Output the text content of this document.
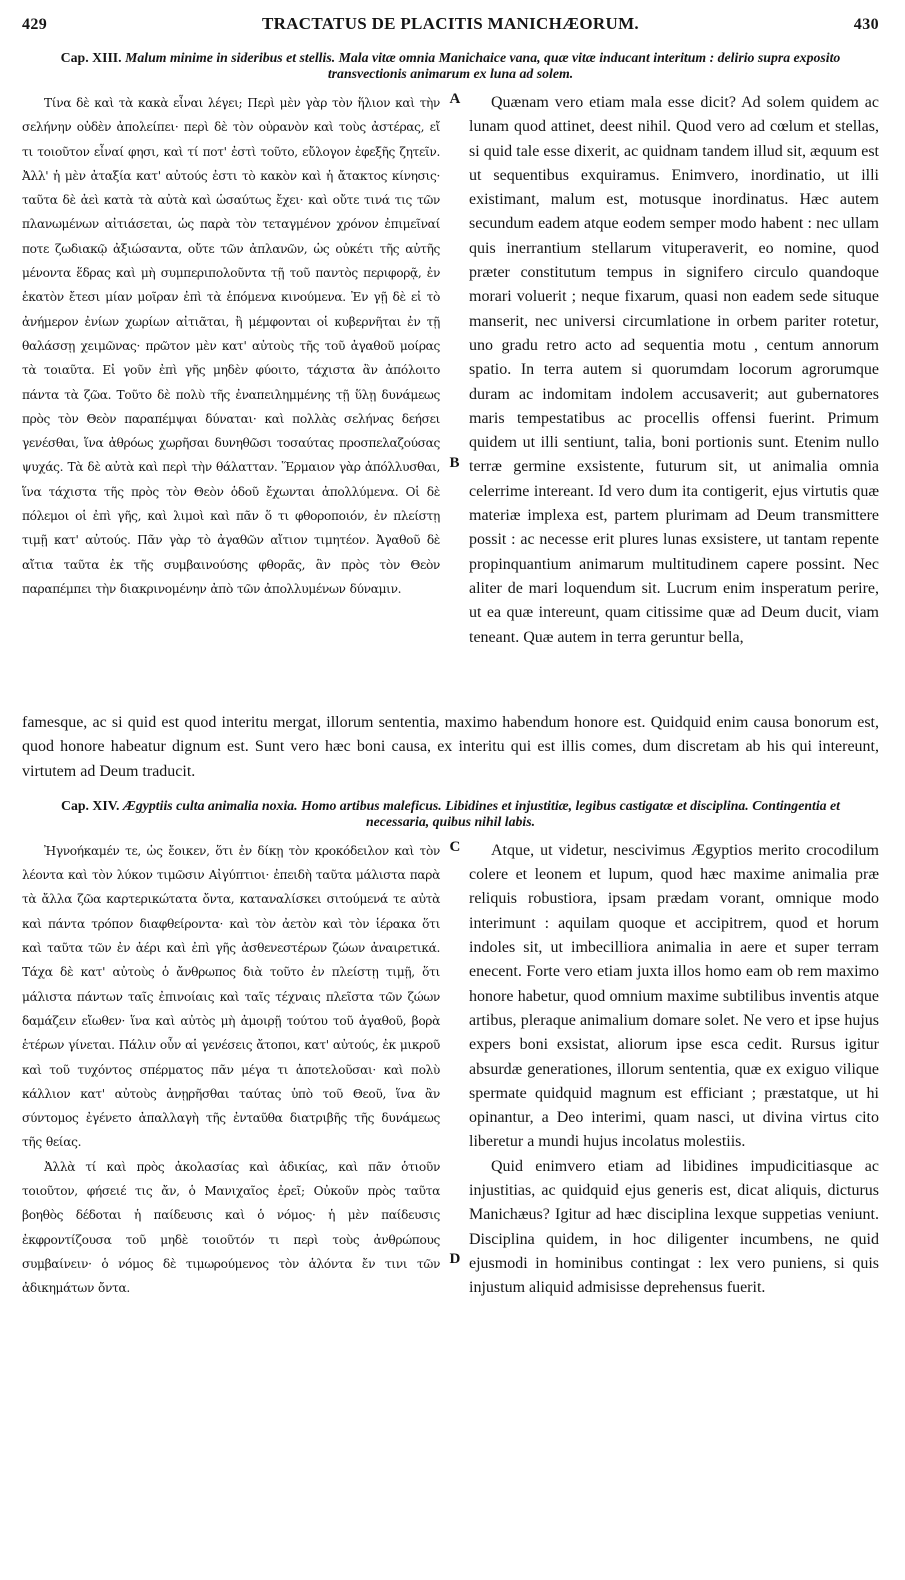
429	TRACTATUS DE PLACITIS MANICHÆORUM.	430
Cap. XIII. Malum minime in sideribus et stellis. Mala vitæ omnia Manichaice vana, quæ vitæ inducant interitum : delirio supra exposito transvectionis animarum ex luna ad solem.

Τίνα δὲ καὶ τὰ κακὰ εἶναι λέγει; Περὶ μὲν γὰρ τὸν ἥλιον καὶ τὴν σελήνην οὐδὲν ἀπολείπει· περὶ δὲ τὸν οὐρανὸν καὶ τοὺς ἀστέρας, εἴ τι τοιοῦτον εἶναί φησι, καὶ τί ποτ' ἐστὶ τοῦτο, εὔλογον ἐφεξῆς ζητεῖν. Ἀλλ' ἡ μὲν ἀταξία κατ' αὐτούς ἐστι τὸ κακὸν καὶ ἡ ἄτακτος κίνησις· ταῦτα δὲ ἀεὶ κατὰ τὰ αὐτὰ καὶ ὡσαύτως ἔχει· καὶ οὔτε τινά τις τῶν πλανωμένων αἰτιάσεται, ὡς παρὰ τὸν τεταγμένον χρόνον ἐπιμεῖναί ποτε ζωδιακῷ ἀξιώσαντα, οὔτε τῶν ἀπλανῶν, ὡς οὐκέτι τῆς αὐτῆς μένοντα ἕδρας καὶ μὴ συμπεριπολοῦντα τῇ τοῦ παντὸς περιφορᾷ, ἐν ἑκατὸν ἔτεσι μίαν μοῖραν ἐπὶ τὰ ἑπόμενα κινούμενα. Ἐν γῇ δὲ εἰ τὸ ἀνήμερον ἐνίων χωρίων αἰτιᾶται, ἢ μέμφονται οἱ κυβερνῆται ἐν τῇ θαλάσσῃ χειμῶνας· πρῶτον μὲν κατ' αὐτοὺς τῆς τοῦ ἀγαθοῦ μοίρας τὰ τοιαῦτα. Εἰ γοῦν ἐπὶ γῆς μηδὲν φύοιτο, τάχιστα ἂν ἀπόλοιτο πάντα τὰ ζῶα. Τοῦτο δὲ πολὺ τῆς ἐναπειλημμένης τῇ ὕλῃ δυνάμεως πρὸς τὸν Θεὸν παραπέμψαι δύναται· καὶ πολλὰς σελήνας δεήσει γενέσθαι, ἵνα ἀθρόως χωρῆσαι δυνηθῶσι τοσαύτας προσπελαζούσας ψυχάς. Τὰ δὲ αὐτὰ καὶ περὶ τὴν θάλατταν. Ἕρμαιον γὰρ ἀπόλλυσθαι, ἵνα τάχιστα τῆς πρὸς τὸν Θεὸν ὁδοῦ ἔχωνται ἀπολλύμενα. Οἱ δὲ πόλεμοι οἱ ἐπὶ γῆς, καὶ λιμοὶ καὶ πᾶν ὅ τι φθοροποιόν, ἐν πλείστῃ τιμῇ κατ' αὐτούς. Πᾶν γὰρ τὸ ἀγαθῶν αἴτιον τιμητέον. Ἀγαθοῦ δὲ αἴτια ταῦτα ἐκ τῆς συμβαινούσης φθορᾶς, ἃν πρὸς τὸν Θεὸν παραπέμπει τὴν διακρινομένην ἀπὸ τῶν ἀπολλυμένων δύναμιν.

A
B

Quænam vero etiam mala esse dicit? Ad solem quidem ac lunam quod attinet, deest nihil. Quod vero ad cœlum et stellas, si quid tale esse dixerit, ac quidnam tandem illud sit, æquum est ut sequentibus exquiramus. Enimvero, inordinatio, ut illi existimant, malum est, motusque inordinatus. Hæc autem secundum eadem atque eodem semper modo habent : nec ullam quis inerrantium stellarum vituperaverit, eo nomine, quod præter constitutum tempus in signifero circulo quandoque morari voluerit ; neque fixarum, quasi non eadem sede situque manserit, nec universi circumlatione in orbem pariter rotetur, uno gradu retro acto ad sequentia motu , centum annorum spatio. In terra autem si quorumdam locorum agrorumque duram ac indomitam indolem accusaverit; aut gubernatores maris tempestatibus ac procellis offensi fuerint. Primum quidem ut illi sentiunt, talia, boni portionis sunt. Etenim nullo terræ germine exsistente, futurum sit, ut animalia omnia celerrime intereant. Id vero dum ita contigerit, ejus virtutis quæ materiæ implexa est, partem plurimam ad Deum transmittere possit : ac necesse erit plures lunas exsistere, ut tantam repente propinquantium animarum multitudinem capere possint. Nec aliter de mari loquendum sit. Lucrum enim insperatum perire, ut ea quæ intereunt, quam citissime quæ ad Deum ducit, viam teneant. Quæ autem in terra geruntur bella,

famesque, ac si quid est quod interitu mergat, illorum sententia, maximo habendum honore est. Quidquid enim causa bonorum est, quod honore habeatur dignum est. Sunt vero hæc boni causa, ex interitu qui est illis comes, dum discretam ab his qui intereunt, virtutem ad Deum traducit.

Cap. XIV. Ægyptiis culta animalia noxia. Homo artibus maleficus. Libidines et injustitiæ, legibus castigatæ et disciplina. Contingentia et necessaria, quibus nihil labis.

Ἠγνοήκαμέν τε, ὡς ἔοικεν, ὅτι ἐν δίκῃ τὸν κροκόδειλον καὶ τὸν λέοντα καὶ τὸν λύκον τιμῶσιν Αἰγύπτιοι· ἐπειδὴ ταῦτα μάλιστα παρὰ τὰ ἄλλα ζῶα καρτερικώτατα ὄντα, καταναλίσκει σιτούμενά τε αὐτὰ καὶ πάντα τρόπον διαφθείροντα· καὶ τὸν ἀετὸν καὶ τὸν ἱέρακα ὅτι καὶ ταῦτα τῶν ἐν ἀέρι καὶ ἐπὶ γῆς ἀσθενεστέρων ζώων ἀναιρετικά. Τάχα δὲ κατ' αὐτοὺς ὁ ἄνθρωπος διὰ τοῦτο ἐν πλείστῃ τιμῇ, ὅτι μάλιστα πάντων ταῖς ἐπινοίαις καὶ ταῖς τέχναις πλεῖστα τῶν ζώων δαμάζειν εἴωθεν· ἵνα καὶ αὐτὸς μὴ ἀμοιρῇ τούτου τοῦ ἀγαθοῦ, βορὰ ἑτέρων γίνεται. Πάλιν οὖν αἱ γενέσεις ἄτοποι, κατ' αὐτούς, ἐκ μικροῦ καὶ τοῦ τυχόντος σπέρματος πᾶν μέγα τι ἀποτελοῦσαι· καὶ πολὺ κάλλιον κατ' αὐτοὺς ἀνῃρῆσθαι ταύτας ὑπὸ τοῦ Θεοῦ, ἵνα ἂν σύντομος ἐγένετο ἀπαλλαγὴ τῆς ἐνταῦθα διατριβῆς τῆς δυνάμεως τῆς θείας.

Ἀλλὰ τί καὶ πρὸς ἀκολασίας καὶ ἀδικίας, καὶ πᾶν ὁτιοῦν τοιοῦτον, φήσειέ τις ἄν, ὁ Μανιχαῖος ἐρεῖ; Οὐκοῦν πρὸς ταῦτα βοηθὸς δέδοται ἡ παίδευσις καὶ ὁ νόμος· ἡ μὲν παίδευσις ἐκφροντίζουσα τοῦ μηδὲ τοιοῦτόν τι περὶ τοὺς ἀνθρώπους συμβαίνειν· ὁ νόμος δὲ τιμωρούμενος τὸν ἁλόντα ἔν τινι τῶν ἀδικημάτων ὄντα.

C
D

Atque, ut videtur, nescivimus Ægyptios merito crocodilum colere et leonem et lupum, quod hæc maxime animalia præ reliquis robustiora, ipsam prædam vorant, omnique modo interimunt : aquilam quoque et accipitrem, quod et horum indoles sit, ut imbecilliora animalia in aere et super terram enecent. Forte vero etiam juxta illos homo eam ob rem maximo honore habetur, quod omnium maxime subtilibus inventis atque artibus, pleraque animalium domare solet. Ne vero et ipse hujus expers boni exsistat, aliorum ipse esca cedit. Rursus igitur absurdæ generationes, illorum sententia, quæ ex exiguo vilique spermate quidquid magnum est efficiant ; præstatque, ut hi opinantur, a Deo interimi, quam nasci, ut divina virtus cito liberetur a mundi hujus incolatus molestiis.

Quid enimvero etiam ad libidines impudicitiasque ac injustitias, ac quidquid ejus generis est, dicat aliquis, dicturus Manichæus? Igitur ad hæc disciplina lexque suppetias veniunt. Disciplina quidem, in hoc diligenter incumbens, ne quid ejusmodi in hominibus contingat : lex vero puniens, si quis injustum aliquid admisisse deprehensus fuerit.
